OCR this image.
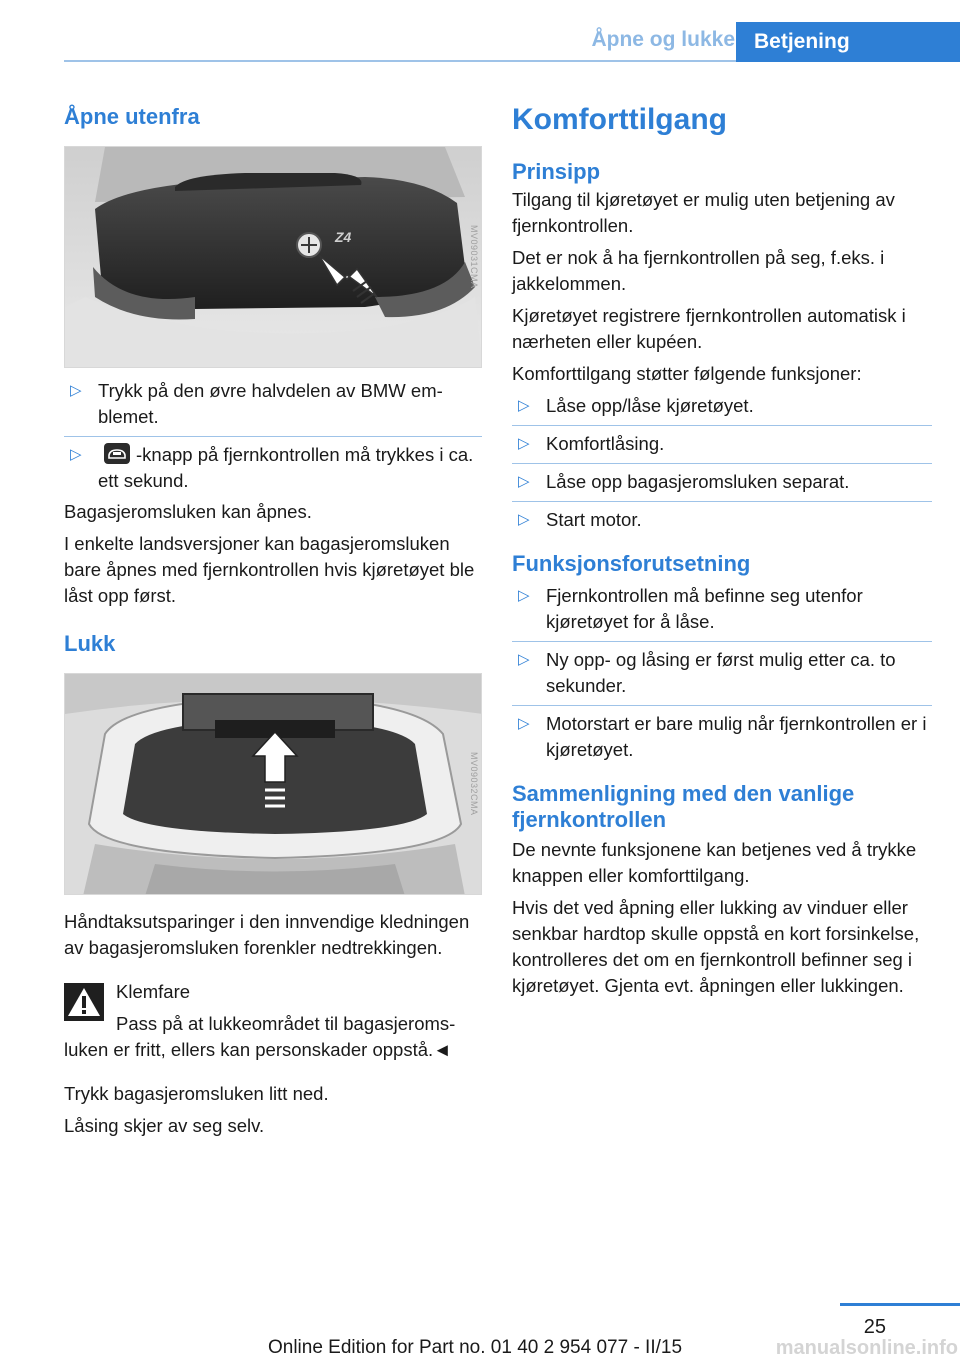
Åpne og lukke Betjening
Åpne utenfra
Z4	MV09031CMA
▷ Trykk på den øvre halvdelen av BMW emblemet.
▷	-knapp på fjernkontrollen må trykkes i ca. ett sekund.
Bagasjeromsluken kan åpnes.
I enkelte landsversjoner kan bagasjeromsluken bare åpnes med fjernkontrollen hvis kjøretøyet ble låst opp først.
Lukk
MV09032CMA
Håndtaksutsparinger i den innvendige kledningen av bagasjeromsluken forenkler nedtrekkingen.
Klemfare
Pass på at lukkeområdet til bagasjeromsluken er fritt, ellers kan personskader oppstå.◄
Trykk bagasjeromsluken litt ned.
Låsing skjer av seg selv.
Komforttilgang
Prinsipp
Tilgang til kjøretøyet er mulig uten betjening av fjernkontrollen.
Det er nok å ha fjernkontrollen på seg, f.eks. i jakkelommen.
Kjøretøyet registrere fjernkontrollen automatisk i nærheten eller kupéen.
Komforttilgang støtter følgende funksjoner:
▷ Låse opp/låse kjøretøyet.
▷ Komfortlåsing.
▷ Låse opp bagasjeromsluken separat.
▷ Start motor.
Funksjonsforutsetning
▷ Fjernkontrollen må befinne seg utenfor kjøretøyet for å låse.
▷ Ny opp- og låsing er først mulig etter ca. to sekunder.
▷ Motorstart er bare mulig når fjernkontrollen er i kjøretøyet.
Sammenligning med den vanlige fjernkontrollen
De nevnte funksjonene kan betjenes ved å trykke knappen eller komforttilgang.
Hvis det ved åpning eller lukking av vinduer eller senkbar hardtop skulle oppstå en kort forsinkelse, kontrolleres det om en fjernkontroll befinner seg i kjøretøyet. Gjenta evt. åpningen eller lukkingen.
25
manualsonline.info
Online Edition for Part no. 01 40 2 954 077 - II/15
